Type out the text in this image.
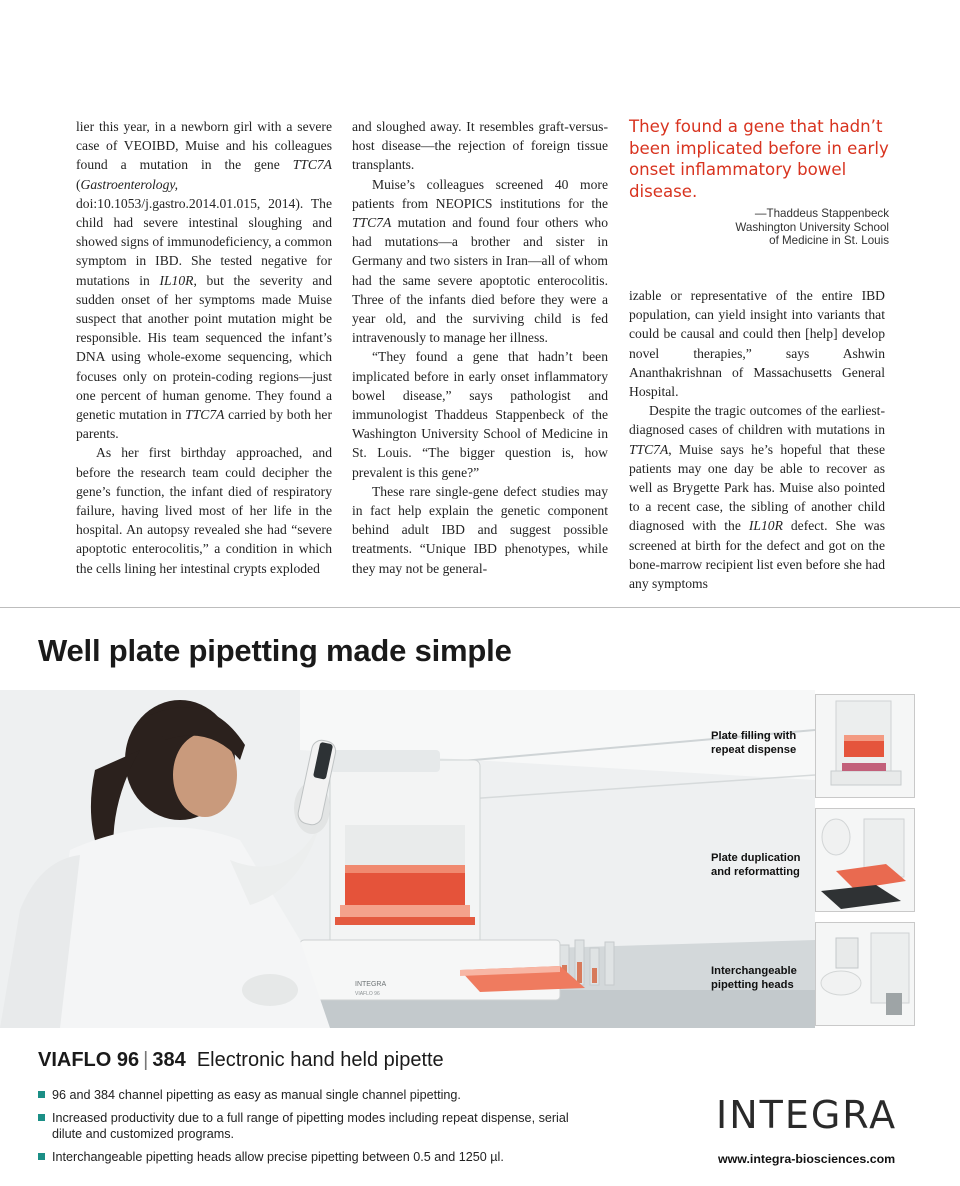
lier this year, in a newborn girl with a severe case of VEOIBD, Muise and his colleagues found a mutation in the gene TTC7A (Gastroenterology, doi:10.1053/j.gastro.2014.01.015, 2014). The child had severe intestinal sloughing and showed signs of immunodeficiency, a common symptom in IBD. She tested negative for mutations in IL10R, but the severity and sudden onset of her symptoms made Muise suspect that another point mutation might be responsible. His team sequenced the infant’s DNA using whole-exome sequencing, which focuses only on protein-coding regions—just one percent of human genome. They found a genetic mutation in TTC7A carried by both her parents.

As her first birthday approached, and before the research team could decipher the gene’s function, the infant died of respiratory failure, having lived most of her life in the hospital. An autopsy revealed she had “severe apoptotic enterocolitis,” a condition in which the cells lining her intestinal crypts exploded

and sloughed away. It resembles graft-versus-host disease—the rejection of foreign tissue transplants.

Muise’s colleagues screened 40 more patients from NEOPICS institutions for the TTC7A mutation and found four others who had mutations—a brother and sister in Germany and two sisters in Iran—all of whom had the same severe apoptotic enterocolitis. Three of the infants died before they were a year old, and the surviving child is fed intravenously to manage her illness.

“They found a gene that hadn’t been implicated before in early onset inflammatory bowel disease,” says pathologist and immunologist Thaddeus Stappenbeck of the Washington University School of Medicine in St. Louis. “The bigger question is, how prevalent is this gene?”

These rare single-gene defect studies may in fact help explain the genetic component behind adult IBD and suggest possible treatments. “Unique IBD phenotypes, while they may not be general-

They found a gene that hadn’t been implicated before in early onset inflammatory bowel disease.
—Thaddeus Stappenbeck
Washington University School
of Medicine in St. Louis

izable or representative of the entire IBD population, can yield insight into variants that could be causal and could then [help] develop novel therapies,” says Ashwin Ananthakrishnan of Massachusetts General Hospital.

Despite the tragic outcomes of the earliest-diagnosed cases of children with mutations in TTC7A, Muise says he’s hopeful that these patients may one day be able to recover as well as Brygette Park has. Muise also pointed to a recent case, the sibling of another child diagnosed with the IL10R defect. She was screened at birth for the defect and got on the bone-marrow recipient list even before she had any symptoms

Well plate pipetting made simple
INTEGRA
VIAFLO 96
Plate filling with
repeat dispense
Plate duplication
and reformatting
Interchangeable
pipetting heads
VIAFLO 96 | 384 Electronic hand held pipette
96 and 384 channel pipetting as easy as manual single channel pipetting.
Increased productivity due to a full range of pipetting modes including repeat dispense, serial dilute and customized programs.
Interchangeable pipetting heads allow precise pipetting between 0.5 and 1250 µl.
INTEGRA
www.integra-biosciences.com
